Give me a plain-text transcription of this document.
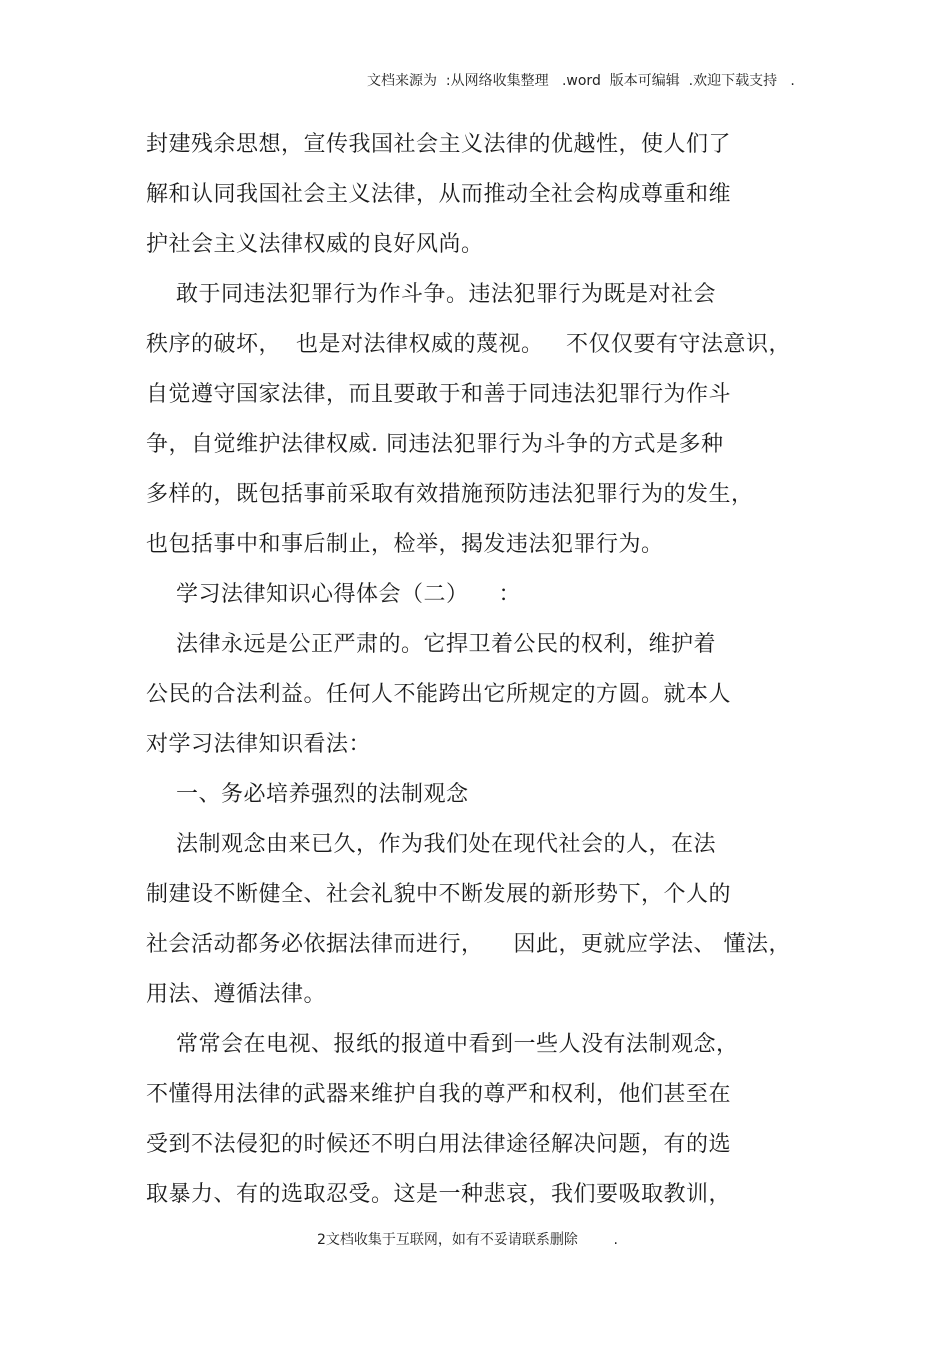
文档来源为  :从网络收集整理   .word  版本可编辑  .欢迎下载支持   .
封建残余思想，宣传我国社会主义法律的优越性，使人们了
解和认同我国社会主义法律，从而推动全社会构成尊重和维
护社会主义法律权威的良好风尚。
敢于同违法犯罪行为作斗争。违法犯罪行为既是对社会
秩序的破坏，  也是对法律权威的蔑视。   不仅仅要有守法意识，
自觉遵守国家法律，而且要敢于和善于同违法犯罪行为作斗
争，自觉维护法律权威. 同违法犯罪行为斗争的方式是多种
多样的，既包括事前采取有效措施预防违法犯罪行为的发生，
也包括事中和事后制止，检举，揭发违法犯罪行为。
学习法律知识心得体会（二）    ：
法律永远是公正严肃的。它捍卫着公民的权利，维护着
公民的合法利益。任何人不能跨出它所规定的方圆。就本人
对学习法律知识看法：
一、务必培养强烈的法制观念
法制观念由来已久，作为我们处在现代社会的人，在法
制建设不断健全、社会礼貌中不断发展的新形势下，个人的
社会活动都务必依据法律而进行，    因此，更就应学法、 懂法，
用法、遵循法律。
常常会在电视、报纸的报道中看到一些人没有法制观念，
不懂得用法律的武器来维护自我的尊严和权利，他们甚至在
受到不法侵犯的时候还不明白用法律途径解决问题，有的选
取暴力、有的选取忍受。这是一种悲哀，我们要吸取教训，
2文档收集于互联网，如有不妥请联系删除        .
